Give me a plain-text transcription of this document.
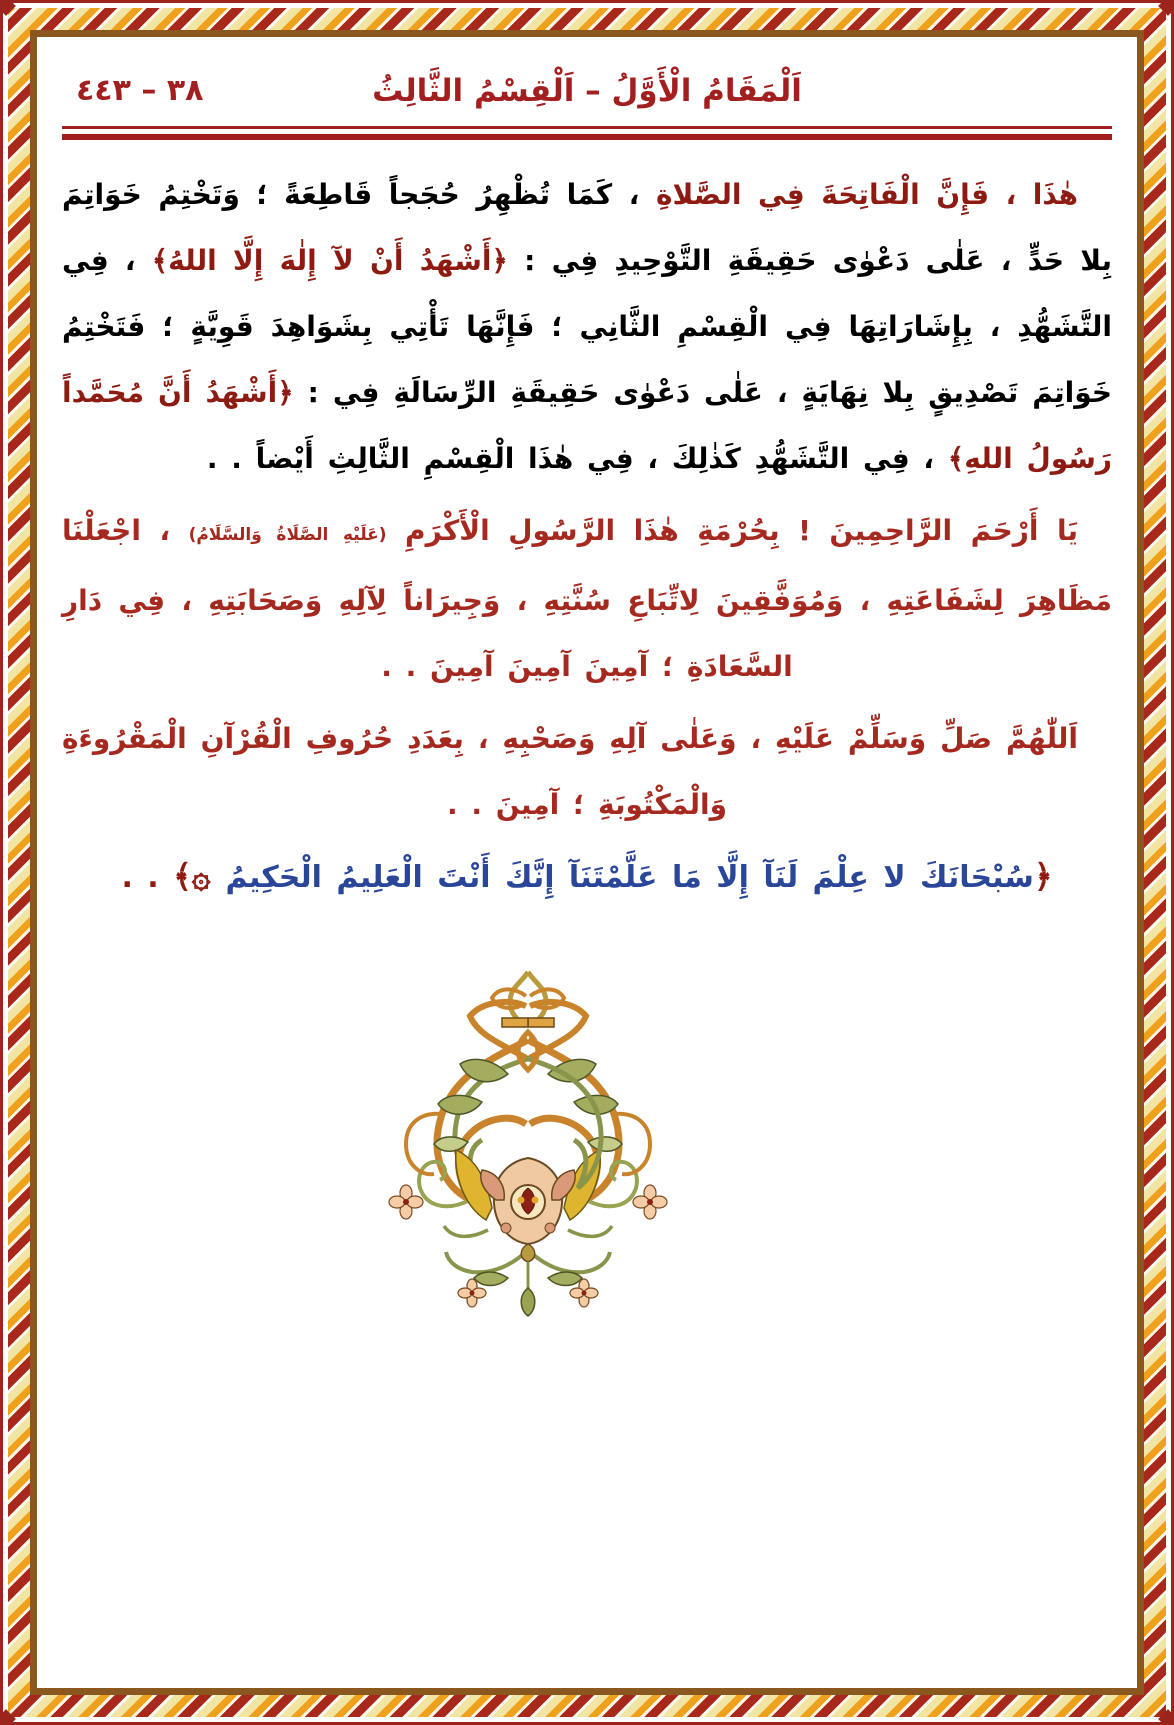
اَلْمَقَامُ الْأَوَّلُ – اَلْقِسْمُ الثَّالِثُ
٣٨ – ٤٤٣

هٰذَا ، فَإِنَّ الْفَاتِحَةَ فِي الصَّلاةِ ، كَمَا تُظْهِرُ حُجَجاً قَاطِعَةً ؛ وَتَخْتِمُ خَوَاتِمَ بِلا حَدٍّ ، عَلٰى دَعْوٰى حَقِيقَةِ التَّوْحِيدِ فِي : ﴿أَشْهَدُ أَنْ لآ إِلٰهَ إِلَّا اللهُ﴾ ، فِي التَّشَهُّدِ ، بِإِشَارَاتِهَا فِي الْقِسْمِ الثَّانِي ؛ فَإِنَّهَا تَأْتِي بِشَوَاهِدَ قَوِيَّةٍ ؛ فَتَخْتِمُ خَوَاتِمَ تَصْدِيقٍ بِلا نِهَايَةٍ ، عَلٰى دَعْوٰى حَقِيقَةِ الرِّسَالَةِ فِي : ﴿أَشْهَدُ أَنَّ مُحَمَّداً رَسُولُ اللهِ﴾ ، فِي التَّشَهُّدِ كَذٰلِكَ ، فِي هٰذَا الْقِسْمِ الثَّالِثِ أَيْضاً . .

يَا أَرْحَمَ الرَّاحِمِينَ ! بِحُرْمَةِ هٰذَا الرَّسُولِ الْأَكْرَمِ (عَلَيْهِ الصَّلَاةُ وَالسَّلَامُ) ، اجْعَلْنَا مَظَاهِرَ لِشَفَاعَتِهِ ، وَمُوَفَّقِينَ لِاتِّبَاعِ سُنَّتِهِ ، وَجِيرَاناً لِآلِهِ وَصَحَابَتِهِ ، فِي دَارِ السَّعَادَةِ ؛ آمِينَ آمِينَ آمِينَ . .

اَللّٰهُمَّ صَلِّ وَسَلِّمْ عَلَيْهِ ، وَعَلٰى آلِهِ وَصَحْبِهِ ، بِعَدَدِ حُرُوفِ الْقُرْآنِ الْمَقْرُوءَةِ وَالْمَكْتُوبَةِ ؛ آمِينَ . .

﴿سُبْحَانَكَ لا عِلْمَ لَنَآ إِلَّا مَا عَلَّمْتَنَآ إِنَّكَ أَنْتَ الْعَلِيمُ الْحَكِيمُ ۞﴾ . .
